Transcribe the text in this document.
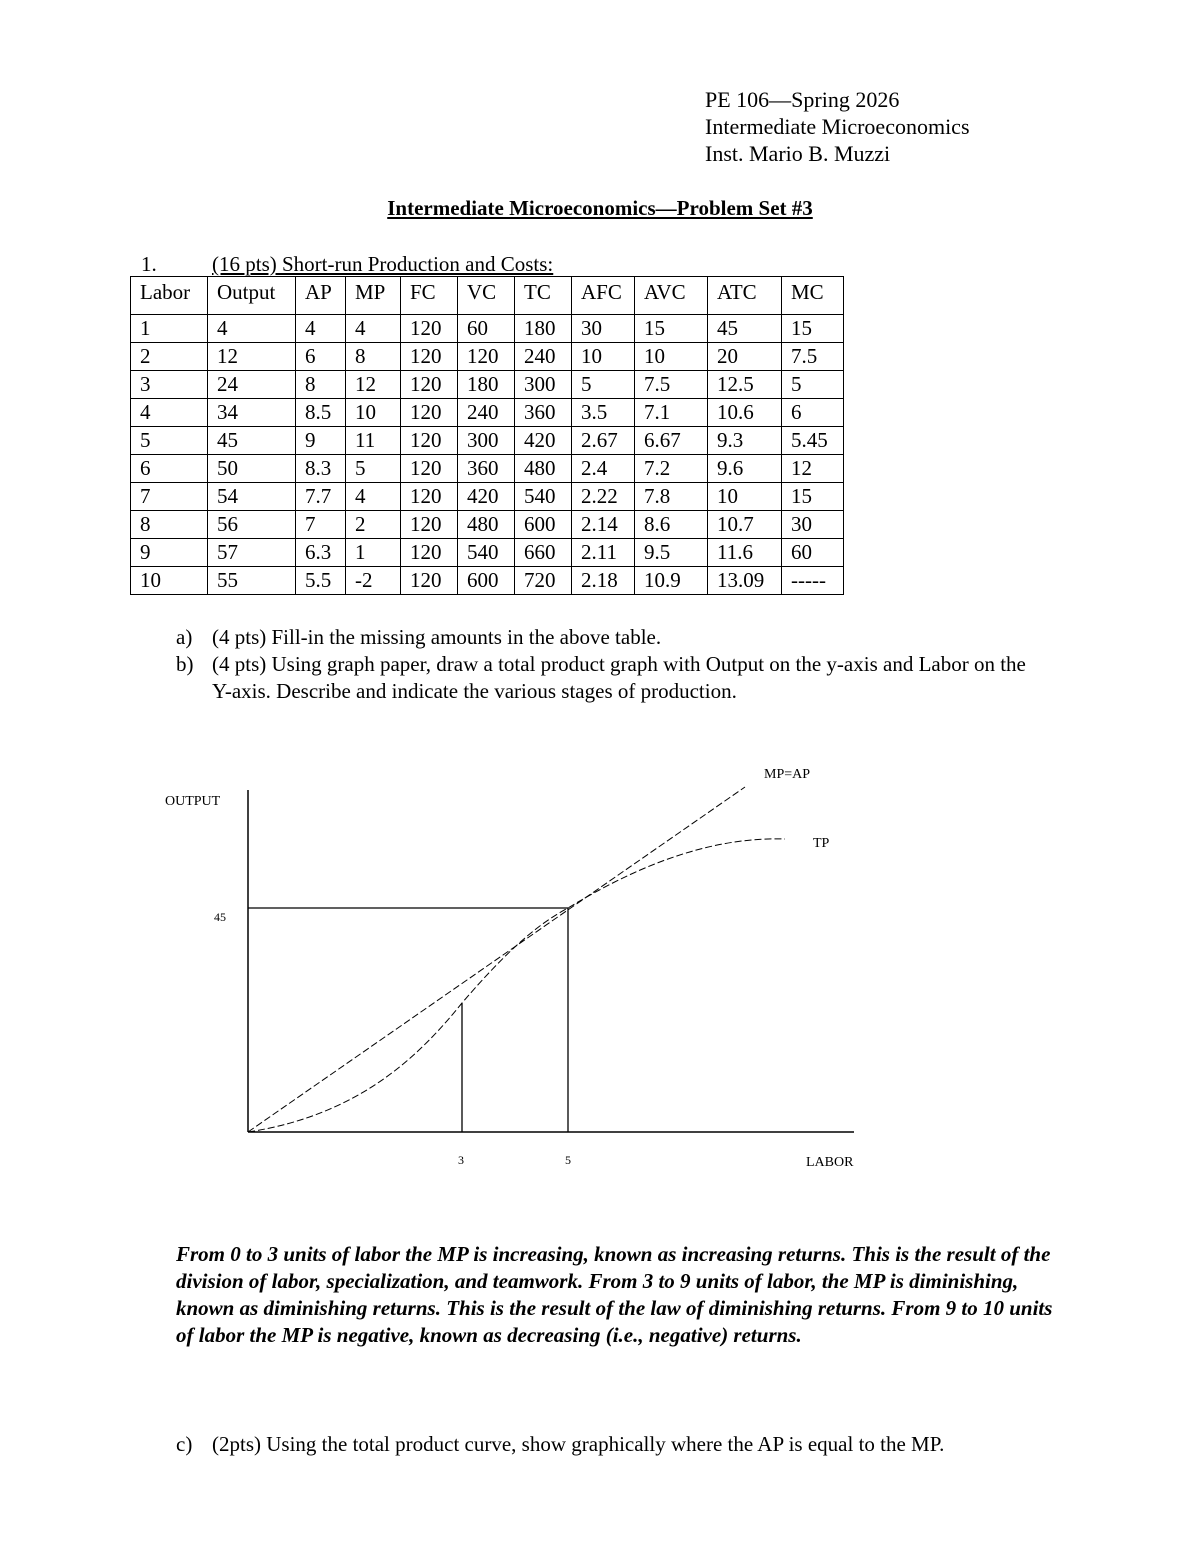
PE 106—Spring 2026
Intermediate Microeconomics
Inst. Mario B. Muzzi
Intermediate Microeconomics—Problem Set #3
1.	(16 pts) Short-run Production and Costs:
Labor	Output	AP	MP	FC	VC	TC	AFC	AVC	ATC	MC
1	4	4	4	120	60	180	30	15	45	15
2	12	6	8	120	120	240	10	10	20	7.5
3	24	8	12	120	180	300	5	7.5	12.5	5
4	34	8.5	10	120	240	360	3.5	7.1	10.6	6
5	45	9	11	120	300	420	2.67	6.67	9.3	5.45
6	50	8.3	5	120	360	480	2.4	7.2	9.6	12
7	54	7.7	4	120	420	540	2.22	7.8	10	15
8	56	7	2	120	480	600	2.14	8.6	10.7	30
9	57	6.3	1	120	540	660	2.11	9.5	11.6	60
10	55	5.5	-2	120	600	720	2.18	10.9	13.09	-----
a) (4 pts) Fill-in the missing amounts in the above table.
b) (4 pts) Using graph paper, draw a total product graph with Output on the y-axis and Labor on the Y-axis. Describe and indicate the various stages of production.
OUTPUT
LABOR
TP
MP=AP
45
3	5
From 0 to 3 units of labor the MP is increasing, known as increasing returns. This is the result of the division of labor, specialization, and teamwork. From 3 to 9 units of labor, the MP is diminishing, known as diminishing returns. This is the result of the law of diminishing returns. From 9 to 10 units of labor the MP is negative, known as decreasing (i.e., negative) returns.
c) (2pts) Using the total product curve, show graphically where the AP is equal to the MP.
